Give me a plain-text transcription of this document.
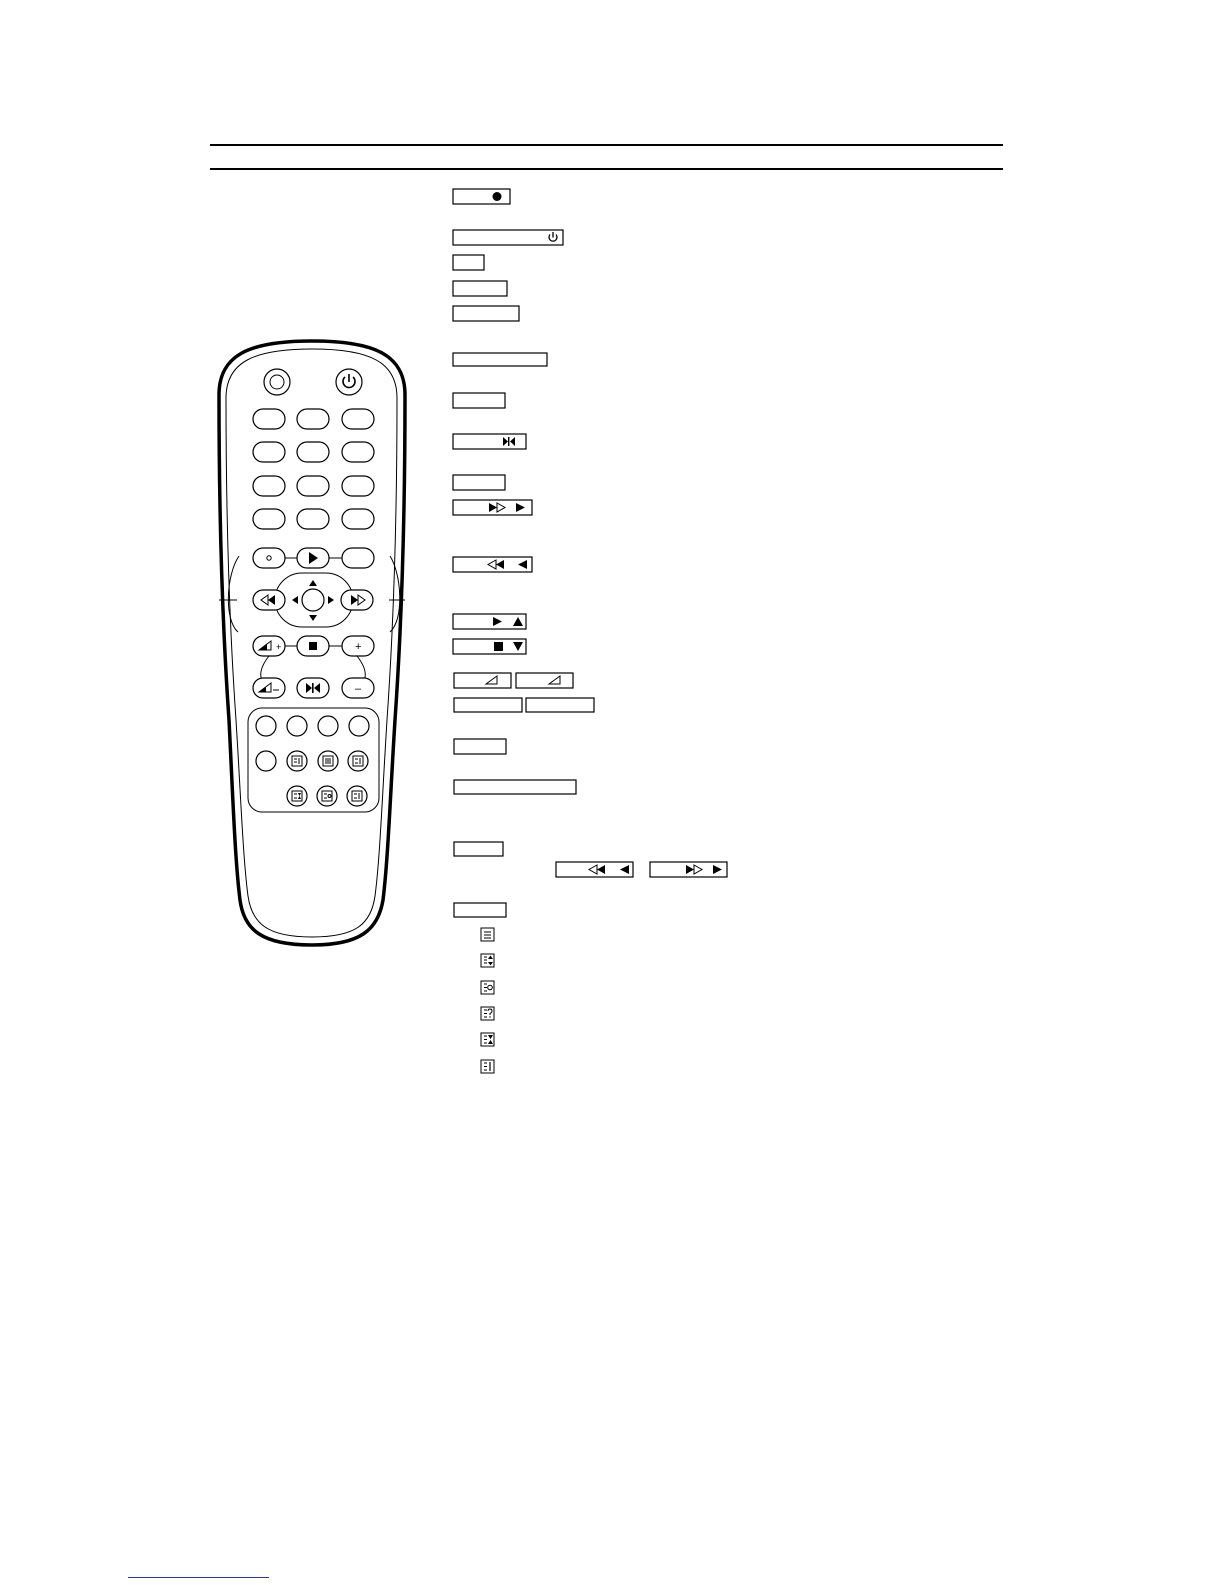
+	+
–
